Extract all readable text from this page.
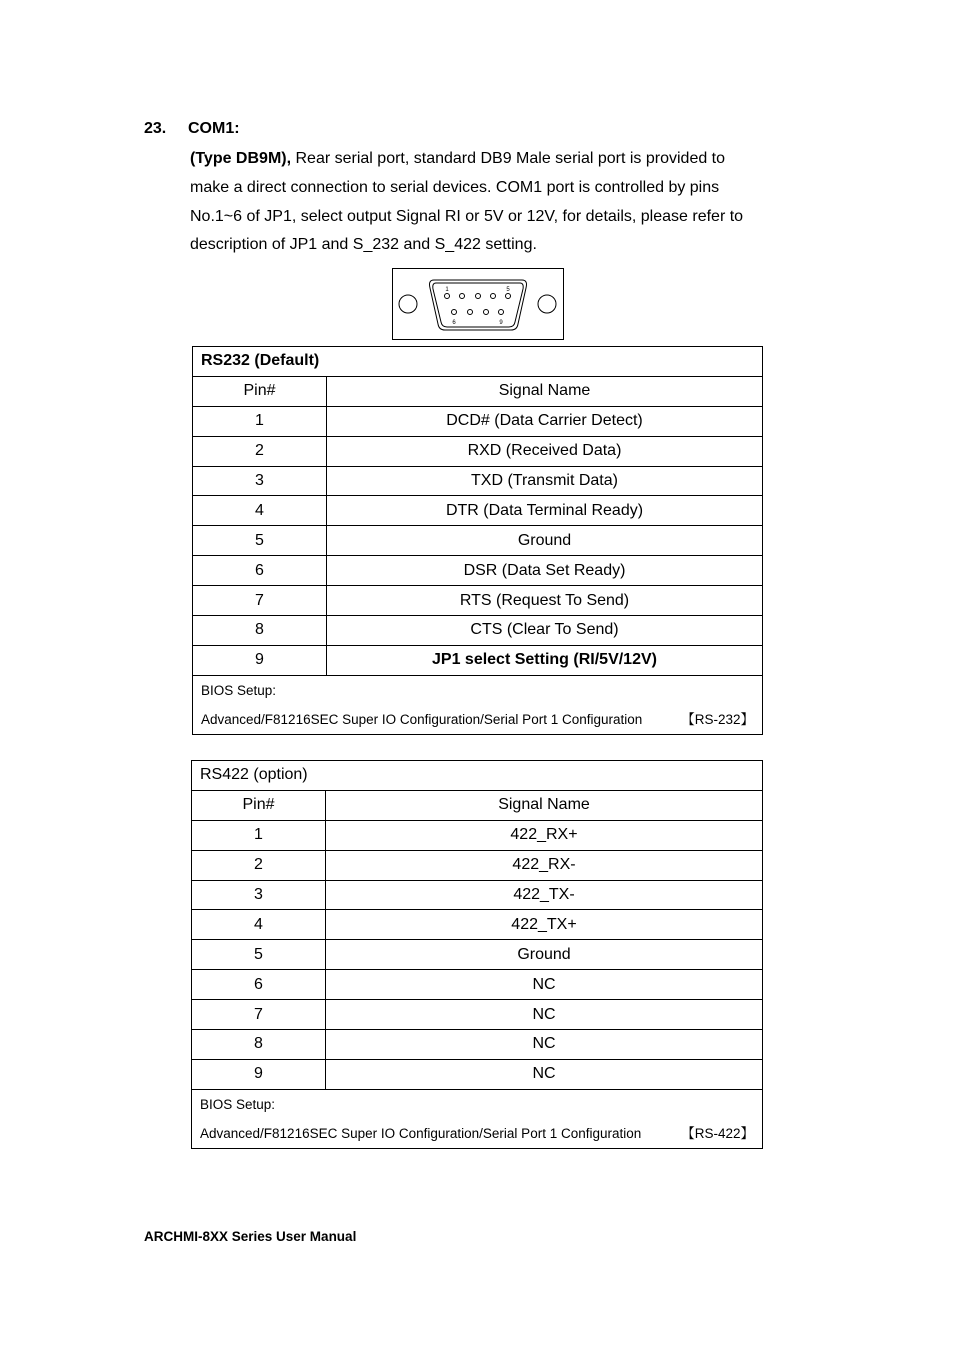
23. COM1:
(Type DB9M), Rear serial port, standard DB9 Male serial port is provided to
make a direct connection to serial devices. COM1 port is controlled by pins
No.1~6 of JP1, select output Signal RI or 5V or 12V, for details, please refer to
description of JP1 and S_232 and S_422 setting.
1	5
6	9
RS232 (Default)	
Pin#	Signal Name
1	DCD# (Data Carrier Detect)
2	RXD (Received Data)
3	TXD (Transmit Data)
4	DTR (Data Terminal Ready)
5	Ground
6	DSR (Data Set Ready)
7	RTS (Request To Send)
8	CTS (Clear To Send)
9	JP1 select Setting (RI/5V/12V)

BIOS Setup:
Advanced/F81216SEC Super IO Configuration/Serial Port 1 Configuration 【RS-232】	
RS422 (option)	
Pin#	Signal Name
1	422_RX+
2	422_RX-
3	422_TX-
4	422_TX+
5	Ground
6	NC
7	NC
8	NC
9	NC

BIOS Setup:
Advanced/F81216SEC Super IO Configuration/Serial Port 1 Configuration 【RS-422】	
ARCHMI-8XX Series User Manual
